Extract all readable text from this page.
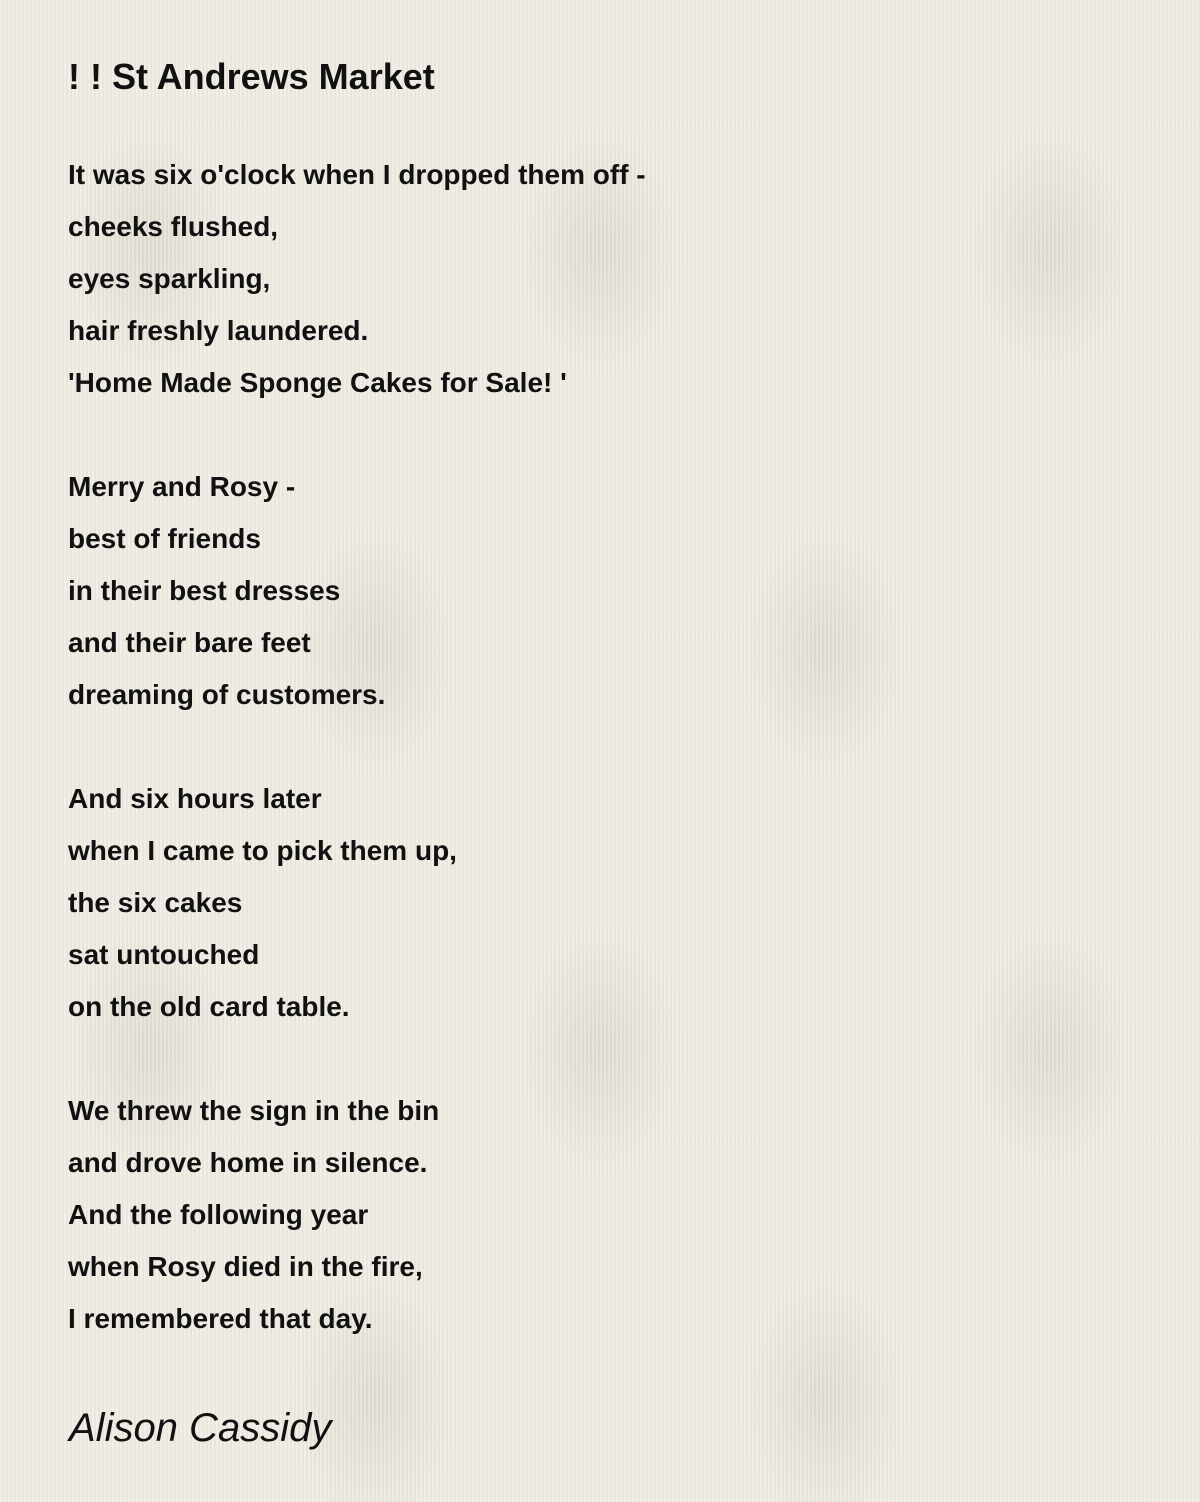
! ! St Andrews Market
It was six o'clock when I dropped them off -
cheeks flushed,
eyes sparkling,
hair freshly laundered.
'Home Made Sponge Cakes for Sale! '
Merry and Rosy -
best of friends
in their best dresses
and their bare feet
dreaming of customers.
And six hours later
when I came to pick them up,
the six cakes
sat untouched
on the old card table.
We threw the sign in the bin
and drove home in silence.
And the following year
when Rosy died in the fire,
I remembered that day.
Alison Cassidy
